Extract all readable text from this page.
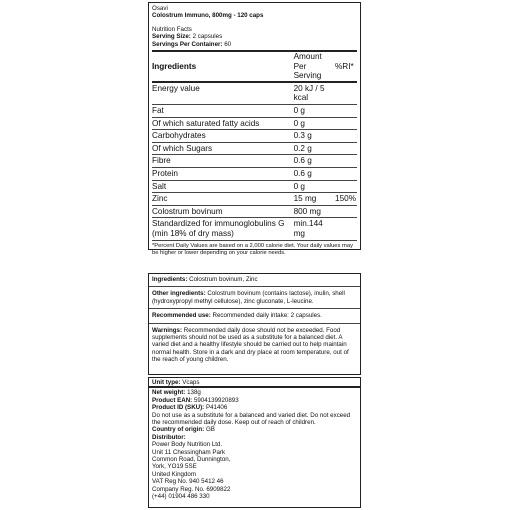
Osavi
Colostrum Immuno, 800mg - 120 caps
Nutrition Facts
Serving Size: 2 capsules
Servings Per Container: 60
Ingredients	Amount Per Serving	%RI*
Energy value	20 kJ / 5 kcal	
Fat	0 g	
Of which saturated fatty acids	0 g	
Carbohydrates	0.3 g	
Of which Sugars	0.2 g	
Fibre	0.6 g	
Protein	0.6 g	
Salt	0 g	
Zinc	15 mg	150%
Colostrum bovinum	800 mg	
Standardized for immunoglobulins G (min 18% of dry mass)	min.144 mg	
*Percent Daily Values are based on a 2,000 calorie diet. Your daily values may be higher or lower depending on your calorie needs.

Ingredients: Colostrum bovinum, Zinc

Other ingredients: Colostrum bovinum (contains lactose), inulin, shell (hydroxypropyl methyl cellulose), zinc gluconate, L-leucine.

Recommended use: Recommended daily intake: 2 capsules.

Warnings: Recommended daily dose should not be exceeded. Food supplements should not be used as a substitute for a balanced diet. A varied diet and a healthy lifestyle should be carried out to help maintain normal health. Store in a dark and dry place at room temperature, out of the reach of young children.

Unit type: Vcaps
Net weight: 138g
Product EAN: 5904139920893
Product ID (SKU): P41406
Do not use as a substitute for a balanced and varied diet. Do not exceed the recommended daily dose. Keep out of reach of children.
Country of origin: GB
Distributor:
Power Body Nutrition Ltd.
Unit 11 Chessingham Park
Common Road, Dunnington,
York, YO19 5SE
United Kingdom
VAT Reg No. 940 5412 46
Company Reg. No. 6909822
(+44) 01904 486 330
